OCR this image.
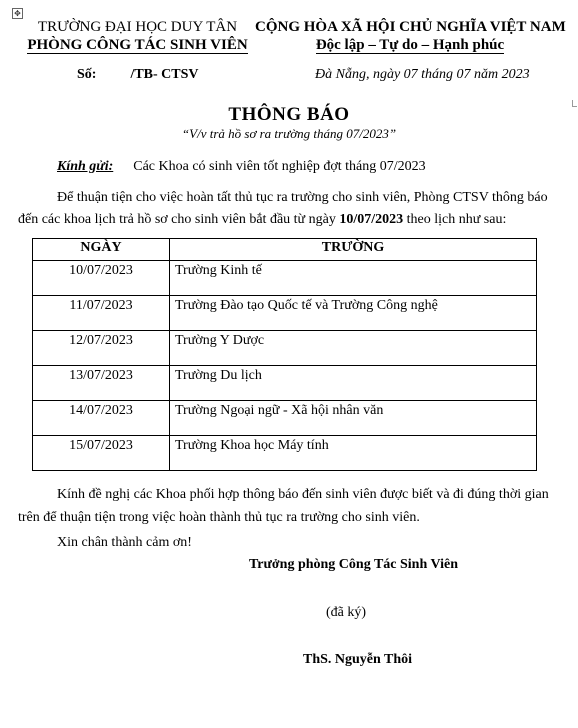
✥
TRƯỜNG ĐẠI HỌC DUY TÂN
PHÒNG CÔNG TÁC SINH VIÊN
CỘNG HÒA XÃ HỘI CHỦ NGHĨA VIỆT NAM
Độc lập – Tự do – Hạnh phúc
Số: /TB- CTSV	Đà Nẵng, ngày 07 tháng 07 năm 2023
THÔNG BÁO
“V/v trả hồ sơ ra trường tháng 07/2023”
Kính gửi: Các Khoa có sinh viên tốt nghiệp đợt tháng 07/2023
Để thuận tiện cho việc hoàn tất thủ tục ra trường cho sinh viên, Phòng CTSV thông báo
đến các khoa lịch trả hồ sơ cho sinh viên bắt đầu từ ngày 10/07/2023 theo lịch như sau:
NGÀY	TRƯỜNG
10/07/2023	Trường Kinh tế
11/07/2023	Trường Đào tạo Quốc tế và Trường Công nghệ
12/07/2023	Trường Y Dược
13/07/2023	Trường Du lịch
14/07/2023	Trường Ngoại ngữ - Xã hội nhân văn
15/07/2023	Trường Khoa học Máy tính
Kính đề nghị các Khoa phối hợp thông báo đến sinh viên được biết và đi đúng thời gian
trên để thuận tiện trong việc hoàn thành thủ tục ra trường cho sinh viên.
Xin chân thành cảm ơn!
Trưởng phòng Công Tác Sinh Viên
(đã ký)
ThS. Nguyễn Thôi
